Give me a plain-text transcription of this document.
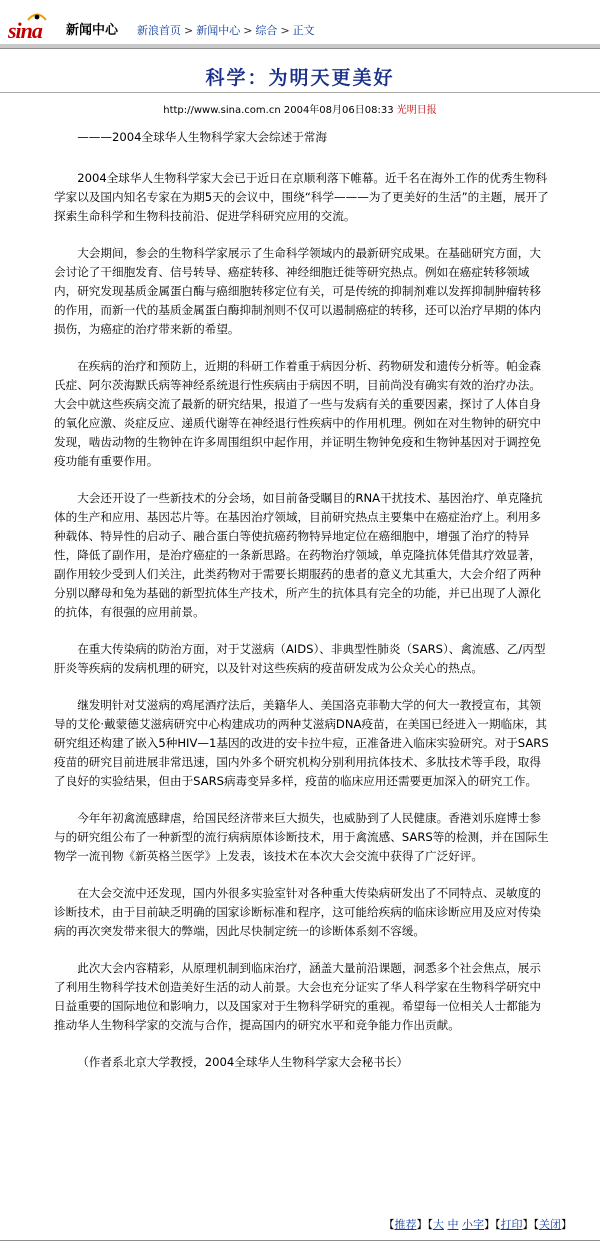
sina 新闻中心 新浪首页 > 新闻中心 > 综合 > 正文
科学：为明天更美好
http://www.sina.com.cn 2004年08月06日08:33 光明日报

———2004全球华人生物科学家大会综述于常海

2004全球华人生物科学家大会已于近日在京顺利落下帷幕。近千名在海外工作的优秀生物科学家以及国内知名专家在为期5天的会议中，围绕“科学———为了更美好的生活”的主题，展开了探索生命科学和生物科技前沿、促进学科研究应用的交流。

大会期间，参会的生物科学家展示了生命科学领域内的最新研究成果。在基础研究方面，大会讨论了干细胞发育、信号转导、癌症转移、神经细胞迁徙等研究热点。例如在癌症转移领域内，研究发现基质金属蛋白酶与癌细胞转移定位有关，可是传统的抑制剂难以发挥抑制肿瘤转移的作用，而新一代的基质金属蛋白酶抑制剂则不仅可以遏制癌症的转移，还可以治疗早期的体内损伤，为癌症的治疗带来新的希望。

在疾病的治疗和预防上，近期的科研工作着重于病因分析、药物研发和遗传分析等。帕金森氏症、阿尔茨海默氏病等神经系统退行性疾病由于病因不明，目前尚没有确实有效的治疗办法。大会中就这些疾病交流了最新的研究结果，报道了一些与发病有关的重要因素，探讨了人体自身的氧化应激、炎症反应、递质代谢等在神经退行性疾病中的作用机理。例如在对生物钟的研究中发现，啮齿动物的生物钟在许多周围组织中起作用，并证明生物钟免疫和生物钟基因对于调控免疫功能有重要作用。

大会还开设了一些新技术的分会场，如目前备受瞩目的RNA干扰技术、基因治疗、单克隆抗体的生产和应用、基因芯片等。在基因治疗领域，目前研究热点主要集中在癌症治疗上。利用多种载体、特异性的启动子、融合蛋白等使抗癌药物特异地定位在癌细胞中，增强了治疗的特异性，降低了副作用，是治疗癌症的一条新思路。在药物治疗领域，单克隆抗体凭借其疗效显著，副作用较少受到人们关注，此类药物对于需要长期服药的患者的意义尤其重大，大会介绍了两种分别以酵母和兔为基础的新型抗体生产技术，所产生的抗体具有完全的功能，并已出现了人源化的抗体，有很强的应用前景。

在重大传染病的防治方面，对于艾滋病（AIDS）、非典型性肺炎（SARS）、禽流感、乙/丙型肝炎等疾病的发病机理的研究，以及针对这些疾病的疫苗研发成为公众关心的热点。

继发明针对艾滋病的鸡尾酒疗法后，美籍华人、美国洛克菲勒大学的何大一教授宣布，其领导的艾伦·戴蒙德艾滋病研究中心构建成功的两种艾滋病DNA疫苗，在美国已经进入一期临床，其研究组还构建了嵌入5种HIV—1基因的改进的安卡拉牛痘，正准备进入临床实验研究。对于SARS疫苗的研究目前进展非常迅速，国内外多个研究机构分别利用抗体技术、多肽技术等手段，取得了良好的实验结果，但由于SARS病毒变异多样，疫苗的临床应用还需要更加深入的研究工作。

今年年初禽流感肆虐，给国民经济带来巨大损失，也威胁到了人民健康。香港刘乐庭博士参与的研究组公布了一种新型的流行病病原体诊断技术，用于禽流感、SARS等的检测，并在国际生物学一流刊物《新英格兰医学》上发表，该技术在本次大会交流中获得了广泛好评。

在大会交流中还发现，国内外很多实验室针对各种重大传染病研发出了不同特点、灵敏度的诊断技术，由于目前缺乏明确的国家诊断标准和程序，这可能给疾病的临床诊断应用及应对传染病的再次突发带来很大的弊端，因此尽快制定统一的诊断体系刻不容缓。

此次大会内容精彩，从原理机制到临床治疗，涵盖大量前沿课题，洞悉多个社会焦点，展示了利用生物科学技术创造美好生活的动人前景。大会也充分证实了华人科学家在生物科学研究中日益重要的国际地位和影响力，以及国家对于生物科学研究的重视。希望每一位相关人士都能为推动华人生物科学家的交流与合作，提高国内的研究水平和竞争能力作出贡献。

（作者系北京大学教授，2004全球华人生物科学家大会秘书长）

【推荐】【大 中 小字】【打印】【关闭】
